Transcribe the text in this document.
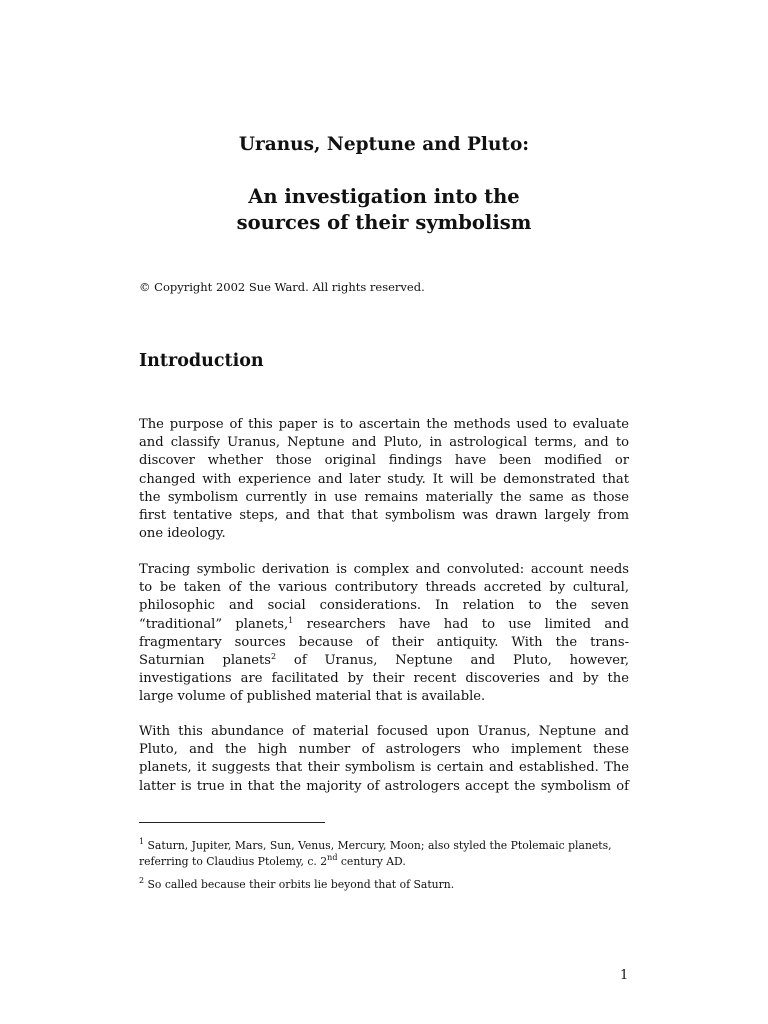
Uranus, Neptune and Pluto:
An investigation into the
sources of their symbolism
© Copyright 2002 Sue Ward. All rights reserved.
Introduction
The purpose of this paper is to ascertain the methods used to evaluate
and classify Uranus, Neptune and Pluto, in astrological terms, and to
discover whether those original findings have been modified or
changed with experience and later study. It will be demonstrated that
the symbolism currently in use remains materially the same as those
first tentative steps, and that that symbolism was drawn largely from
one ideology.
Tracing symbolic derivation is complex and convoluted: account needs
to be taken of the various contributory threads accreted by cultural,
philosophic and social considerations. In relation to the seven
“traditional” planets,$^1$ researchers have had to use limited and
fragmentary sources because of their antiquity. With the trans-
Saturnian planets$^2$ of Uranus, Neptune and Pluto, however,
investigations are facilitated by their recent discoveries and by the
large volume of published material that is available.
With this abundance of material focused upon Uranus, Neptune and
Pluto, and the high number of astrologers who implement these
planets, it suggests that their symbolism is certain and established. The
latter is true in that the majority of astrologers accept the symbolism of
$^1$ Saturn, Jupiter, Mars, Sun, Venus, Mercury, Moon; also styled the Ptolemaic planets,
referring to Claudius Ptolemy, c. 2nd century AD.
$^2$ So called because their orbits lie beyond that of Saturn.
1
